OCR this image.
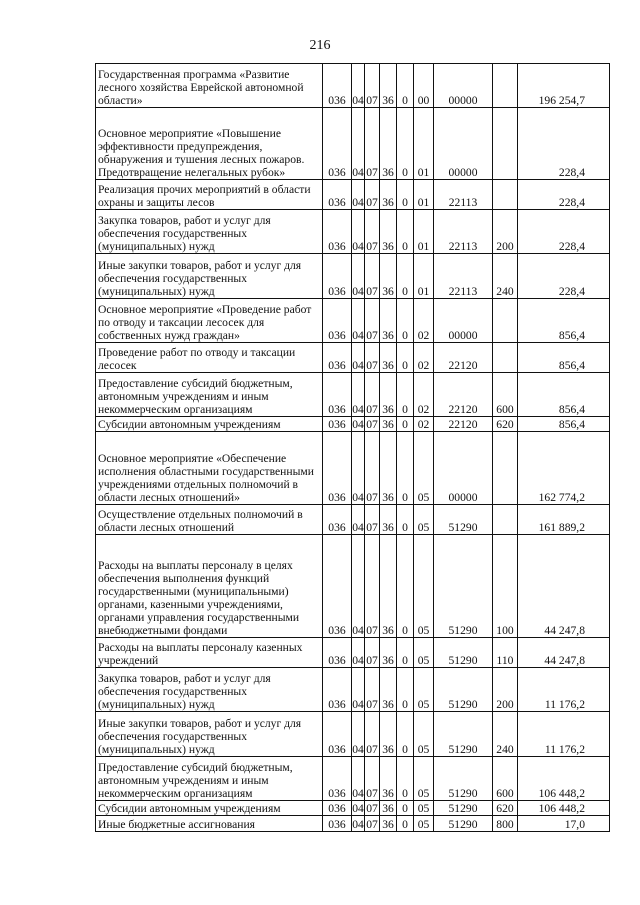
216
Государственная программа «Развитие лесного хозяйства Еврейской автономной области»	036	04	07	36	0	00	00000		196 254,7
Основное мероприятие «Повышение эффективности предупреждения, обнаружения и тушения лесных пожаров. Предотвращение нелегальных рубок»	036	04	07	36	0	01	00000		228,4
Реализация прочих мероприятий в области охраны и защиты лесов	036	04	07	36	0	01	22113		228,4
Закупка товаров, работ и услуг для обеспечения государственных (муниципальных) нужд	036	04	07	36	0	01	22113	200	228,4
Иные закупки товаров, работ и услуг для обеспечения государственных (муниципальных) нужд	036	04	07	36	0	01	22113	240	228,4
Основное мероприятие «Проведение работ по отводу и таксации лесосек для собственных нужд граждан»	036	04	07	36	0	02	00000		856,4
Проведение работ по отводу и таксации лесосек	036	04	07	36	0	02	22120		856,4
Предоставление субсидий бюджетным, автономным учреждениям и иным некоммерческим организациям	036	04	07	36	0	02	22120	600	856,4
Субсидии автономным учреждениям	036	04	07	36	0	02	22120	620	856,4
Основное мероприятие «Обеспечение исполнения областными государственными учреждениями отдельных полномочий в области лесных отношений»	036	04	07	36	0	05	00000		162 774,2
Осуществление отдельных полномочий в области лесных отношений	036	04	07	36	0	05	51290		161 889,2
Расходы на выплаты персоналу в целях обеспечения выполнения функций государственными (муниципальными) органами, казенными учреждениями, органами управления государственными внебюджетными фондами	036	04	07	36	0	05	51290	100	44 247,8
Расходы на выплаты персоналу казенных учреждений	036	04	07	36	0	05	51290	110	44 247,8
Закупка товаров, работ и услуг для обеспечения государственных (муниципальных) нужд	036	04	07	36	0	05	51290	200	11 176,2
Иные закупки товаров, работ и услуг для обеспечения государственных (муниципальных) нужд	036	04	07	36	0	05	51290	240	11 176,2
Предоставление субсидий бюджетным, автономным учреждениям и иным некоммерческим организациям	036	04	07	36	0	05	51290	600	106 448,2
Субсидии автономным учреждениям	036	04	07	36	0	05	51290	620	106 448,2
Иные бюджетные ассигнования	036	04	07	36	0	05	51290	800	17,0
